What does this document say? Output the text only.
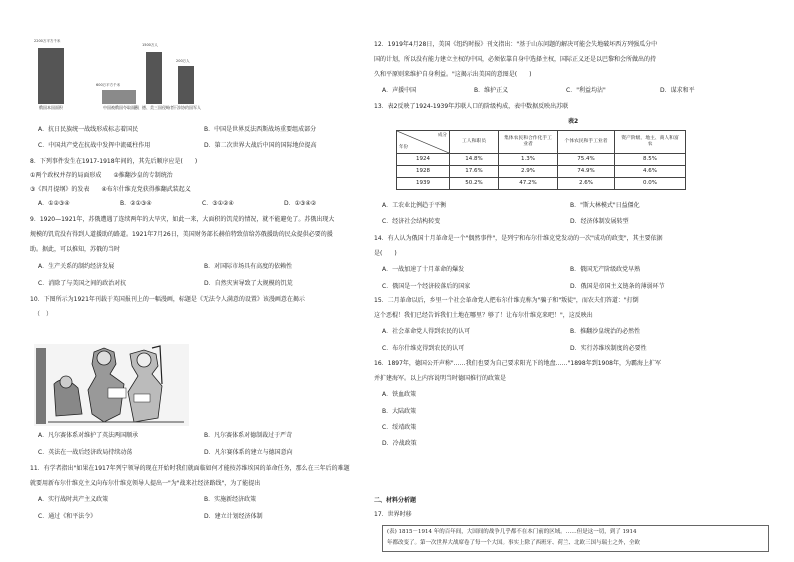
2200万平方千米
俄国本国面积
600万平方千米
中国被俄国夺取面积
1500万人
日、德、美三国侵略者
200万人
干涉协约国军人
A．抗日民族统一战线形成标志着国民	B．中国是世界反法西斯战场重要组成部分
C．中国共产党在抗战中发挥中流砥柱作用	D．第二次世界大战后中国的国际地位提高
8．下列事件发生在1917-1918年间的，其先后顺序应是(　　)
①两个政权并存的局面形成　　②推翻沙皇的专制统治
③《四月提纲》的发表　　④布尔什维克党获得推翻武装起义
A．①②③④	B．②①③④	C．③①②④	D．①③④②
9．1920—1921年，苏俄遭遇了连续两年的大旱灾，如此一来，大面积的饥荒的情况，就不能避免了。苏俄出现大
规模的饥荒没有得到人道援助的路道。1921年7月26日，美国财务部长赫伯特致信给苏俄援助的民众提供必要的援
助。据此，可以推知，苏俄的当时
A．生产关系的制约经济发展	B．对国际市场具有高度的依赖性
C．消除了与美国之间的政治对抗	D．自然灾害导致了大规模的饥荒
10．下图所示为1921年刊载于英国报刊上的一幅漫画，标题是《无法令人满意的设置》该漫画意在揭示
（　）
A．凡尔赛体系对维护了英法两国顺承	B．凡尔赛体系对德制裁过于严苛
C．英法在一战后经济政局持续动荡	D．凡尔赛体系的建立与德国意向
11．有学者指出"如果在1917年列宁领导的现在开始时我们就面临如何才能按苏维埃国的革命任务，那么在三年后的难题
就要用新布尔什维克主义向布尔什维克领导人提出一"为"战来社经济路线"，为了能提出
A．实行战时共产主义政策	B．实施新经济政策
C．通过《和平法令》	D．建立计划经济体制
12．1919年4月28日，美国《纽约时报》刊文指出："基于山东问题的解决可能会失地破坏西方列强瓜分中
国的计划，所以没有能力建立主权的中国，必须依靠自身中选择主权，国际正义还是以巴黎和会所做出的持
久和平原则来维护自身利益。"这揭示出美国的意图是(　　)
A．声援中国	B．维护正义	C．"利益均沾"	D．谋求和平
13．表2反映了1924-1939年苏联人口的阶级构成，表中数据反映出苏联
表2
成分
年份	工人和职员	集体农民和合作化手工业者	个体农民和手工业者	资产阶级、地主、商人和富农
1924	14.8%	1.3%	75.4%	8.5%
1928	17.6%	2.9%	74.9%	4.6%
1939	50.2%	47.2%	2.6%	0.0%
A．工农业比例趋于平衡	B．"斯大林模式"日益僵化
C．经济社会结构转变	D．经济体制发展转型
14．有人认为俄国十月革命是一个"偶然事件"，是列宁和布尔什维克党发动的一次"成功的政变"，其主要依据
是(　　)
A．一战加速了十月革命的爆发	B．俄国无产阶级政党早熟
C．俄国是一个经济较落后的国家	D．俄国是帝国主义链条的薄弱环节
15．二月革命以后，乡里一个社会革命党人把布尔什维克称为"骗子和"叛徒"，而农夫们答道："打倒
这个恶棍！我们已经告诉我们土地在哪里？够了！让布尔什维克来吧！"，这反映出
A．社会革命党人得到农民的认可	B．推翻沙皇统治的必然性
C．布尔什维克得到农民的认可	D．实行苏维埃制度的必要性
16．1897年，德国公开声称"……我们也要为自己要求阳光下的地盘……"1898年到1908年，为霸海上扩军
并扩建海军。以上内容说明当时德国推行的政策是
A．铁血政策
B．大陆政策
C．绥靖政策
D．冷战政策
二、材料分析题
17．世界时移
(表) 1815－1914 年的百年间，大国间的战争几乎都不在本门前的区域。……但是这一切，到了 1914
年都改变了。第一次世界大战席卷了每一个大国。事实上除了西班牙、荷兰、北欧三国与瑞士之外，全欧
